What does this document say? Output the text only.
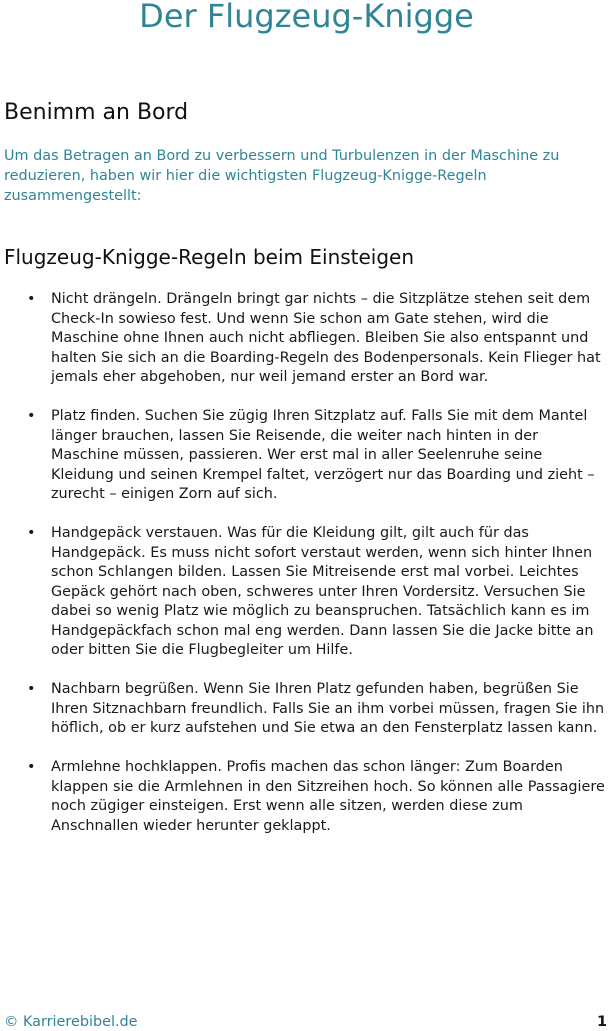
Der Flugzeug-Knigge
Benimm an Bord

Um das Betragen an Bord zu verbessern und Turbulenzen in der Maschine zu reduzieren, haben wir hier die wichtigsten Flugzeug-Knigge-Regeln zusammengestellt:

Flugzeug-Knigge-Regeln beim Einsteigen
• Nicht drängeln. Drängeln bringt gar nichts – die Sitzplätze stehen seit dem Check-In sowieso fest. Und wenn Sie schon am Gate stehen, wird die Maschine ohne Ihnen auch nicht abfliegen. Bleiben Sie also entspannt und halten Sie sich an die Boarding-Regeln des Bodenpersonals. Kein Flieger hat jemals eher abgehoben, nur weil jemand erster an Bord war.
• Platz finden. Suchen Sie zügig Ihren Sitzplatz auf. Falls Sie mit dem Mantel länger brauchen, lassen Sie Reisende, die weiter nach hinten in der Maschine müssen, passieren. Wer erst mal in aller Seelenruhe seine Kleidung und seinen Krempel faltet, verzögert nur das Boarding und zieht – zurecht – einigen Zorn auf sich.
• Handgepäck verstauen. Was für die Kleidung gilt, gilt auch für das Handgepäck. Es muss nicht sofort verstaut werden, wenn sich hinter Ihnen schon Schlangen bilden. Lassen Sie Mitreisende erst mal vorbei. Leichtes Gepäck gehört nach oben, schweres unter Ihren Vordersitz. Versuchen Sie dabei so wenig Platz wie möglich zu beanspruchen. Tatsächlich kann es im Handgepäckfach schon mal eng werden. Dann lassen Sie die Jacke bitte an oder bitten Sie die Flugbegleiter um Hilfe.
• Nachbarn begrüßen. Wenn Sie Ihren Platz gefunden haben, begrüßen Sie Ihren Sitznachbarn freundlich. Falls Sie an ihm vorbei müssen, fragen Sie ihn höflich, ob er kurz aufstehen und Sie etwa an den Fensterplatz lassen kann.
• Armlehne hochklappen. Profis machen das schon länger: Zum Boarden klappen sie die Armlehnen in den Sitzreihen hoch. So können alle Passagiere noch zügiger einsteigen. Erst wenn alle sitzen, werden diese zum Anschnallen wieder herunter geklappt.
© Karrierebibel.de	1
